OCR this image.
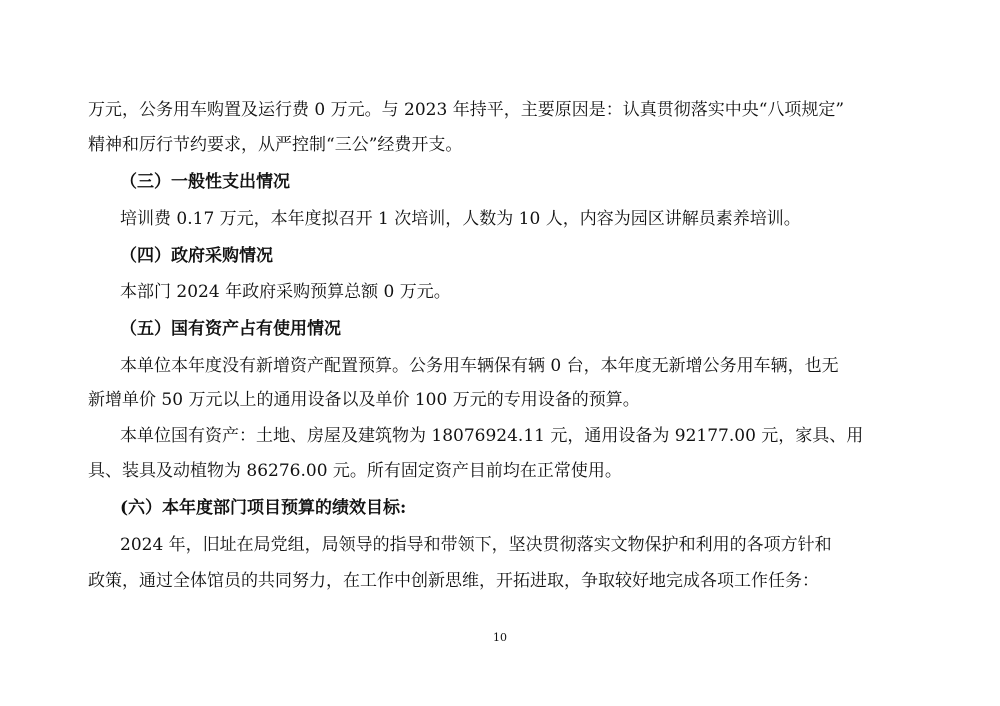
万元，公务用车购置及运行费 0 万元。与 2023 年持平，主要原因是：认真贯彻落实中央“八项规定”
精神和厉行节约要求，从严控制“三公”经费开支。
（三）一般性支出情况
培训费 0.17 万元，本年度拟召开 1 次培训，人数为 10 人，内容为园区讲解员素养培训。
（四）政府采购情况
本部门 2024 年政府采购预算总额 0 万元。
（五）国有资产占有使用情况
本单位本年度没有新增资产配置预算。公务用车辆保有辆 0 台，本年度无新增公务用车辆，也无
新增单价 50 万元以上的通用设备以及单价 100 万元的专用设备的预算。
本单位国有资产：土地、房屋及建筑物为 18076924.11 元，通用设备为 92177.00 元，家具、用
具、装具及动植物为 86276.00 元。所有固定资产目前均在正常使用。
(六）本年度部门项目预算的绩效目标:
2024 年，旧址在局党组，局领导的指导和带领下，坚决贯彻落实文物保护和利用的各项方针和
政策，通过全体馆员的共同努力，在工作中创新思维，开拓进取，争取较好地完成各项工作任务：
10
